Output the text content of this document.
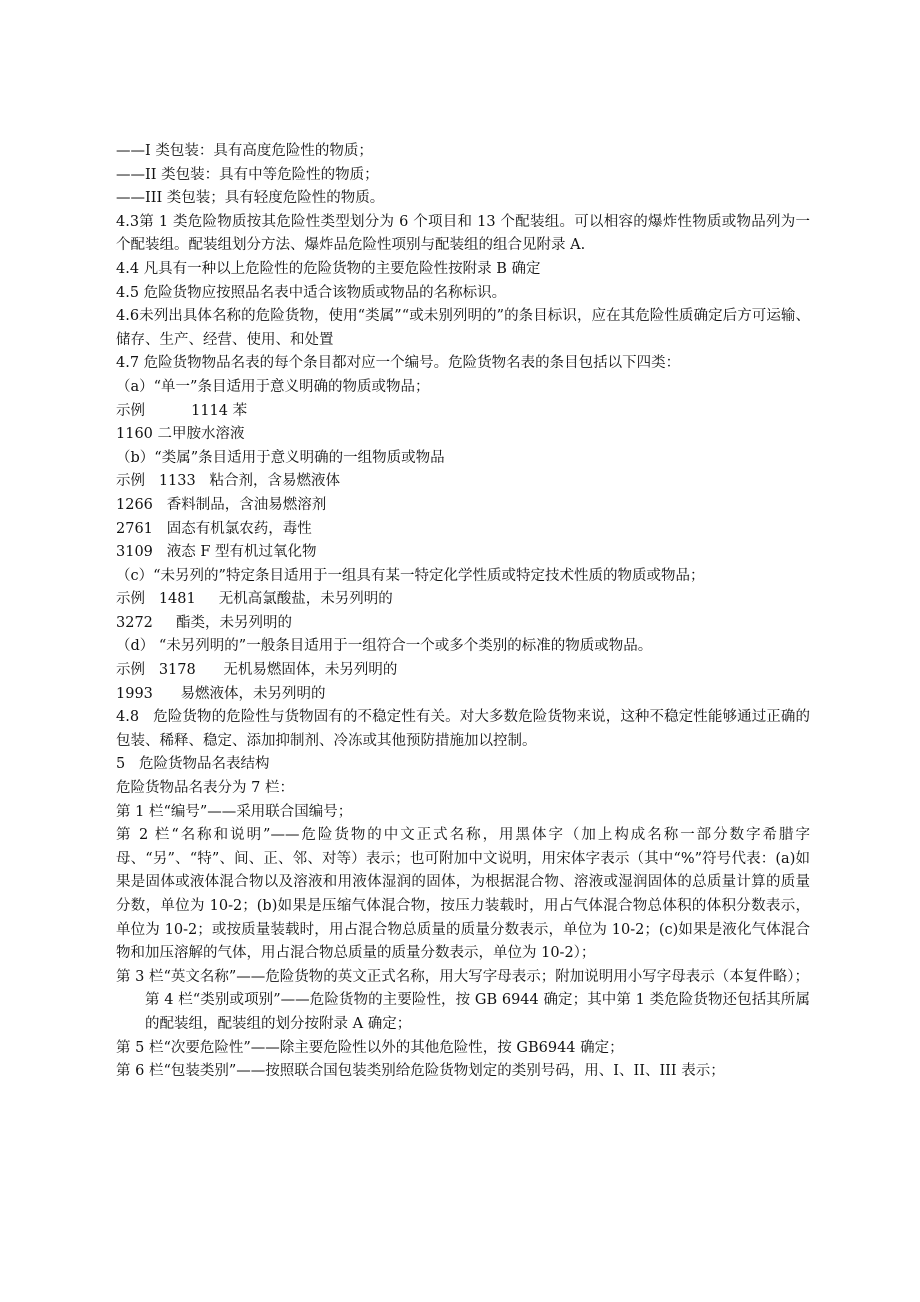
——I 类包装：具有高度危险性的物质；
——II 类包装：具有中等危险性的物质；
——III 类包装；具有轻度危险性的物质。
4.3第 1 类危险物质按其危险性类型划分为 6 个项目和 13 个配装组。可以相容的爆炸性物质或物品列为一个配装组。配装组划分方法、爆炸品危险性项别与配装组的组合见附录 A.
4.4 凡具有一种以上危险性的危险货物的主要危险性按附录 B 确定
4.5 危险货物应按照品名表中适合该物质或物品的名称标识。
4.6未列出具体名称的危险货物，使用“类属”“或未别列明的”的条目标识，应在其危险性质确定后方可运输、储存、生产、经营、使用、和处置
4.7 危险货物物品名表的每个条目都对应一个编号。危险货物名表的条目包括以下四类：
（a）“单一”条目适用于意义明确的物质或物品；
示例          1114 苯
1160 二甲胺水溶液
（b）“类属”条目适用于意义明确的一组物质或物品
示例   1133   粘合剂，含易燃液体
1266   香料制品，含油易燃溶剂
2761   固态有机氯农药，毒性
3109   液态 F 型有机过氧化物
（c）“未另列的”特定条目适用于一组具有某一特定化学性质或特定技术性质的物质或物品；
示例   1481     无机高氯酸盐，未另列明的
3272     酯类，未另列明的
（d） “未另列明的”一般条目适用于一组符合一个或多个类别的标准的物质或物品。
示例   3178      无机易燃固体，未另列明的
1993      易燃液体，未另列明的
4.8   危险货物的危险性与货物固有的不稳定性有关。对大多数危险货物来说，这种不稳定性能够通过正确的包装、稀释、稳定、添加抑制剂、冷冻或其他预防措施加以控制。
5   危险货物品名表结构
危险货物品名表分为 7 栏：
第 1 栏“编号”——采用联合国编号；
第 2 栏“名称和说明”——危险货物的中文正式名称，用黑体字（加上构成名称一部分数字希腊字母、“另”、“特”、间、正、邻、对等）表示；也可附加中文说明，用宋体字表示（其中“%”符号代表：(a)如果是固体或液体混合物以及溶液和用液体湿润的固体，为根据混合物、溶液或湿润固体的总质量计算的质量分数，单位为 10-2；(b)如果是压缩气体混合物，按压力装载时，用占气体混合物总体积的体积分数表示，单位为 10-2；或按质量装载时，用占混合物总质量的质量分数表示，单位为 10-2；(c)如果是液化气体混合物和加压溶解的气体，用占混合物总质量的质量分数表示，单位为 10-2）；
第 3 栏“英文名称”——危险货物的英文正式名称，用大写字母表示；附加说明用小写字母表示（本复件略）；
第 4 栏“类别或项别”——危险货物的主要险性，按 GB 6944 确定；其中第 1 类危险货物还包括其所属的配装组，配装组的划分按附录 A 确定；
第 5 栏“次要危险性”——除主要危险性以外的其他危险性，按 GB6944 确定；
第 6 栏“包装类别”——按照联合国包装类别给危险货物划定的类别号码，用、I、II、III 表示；
